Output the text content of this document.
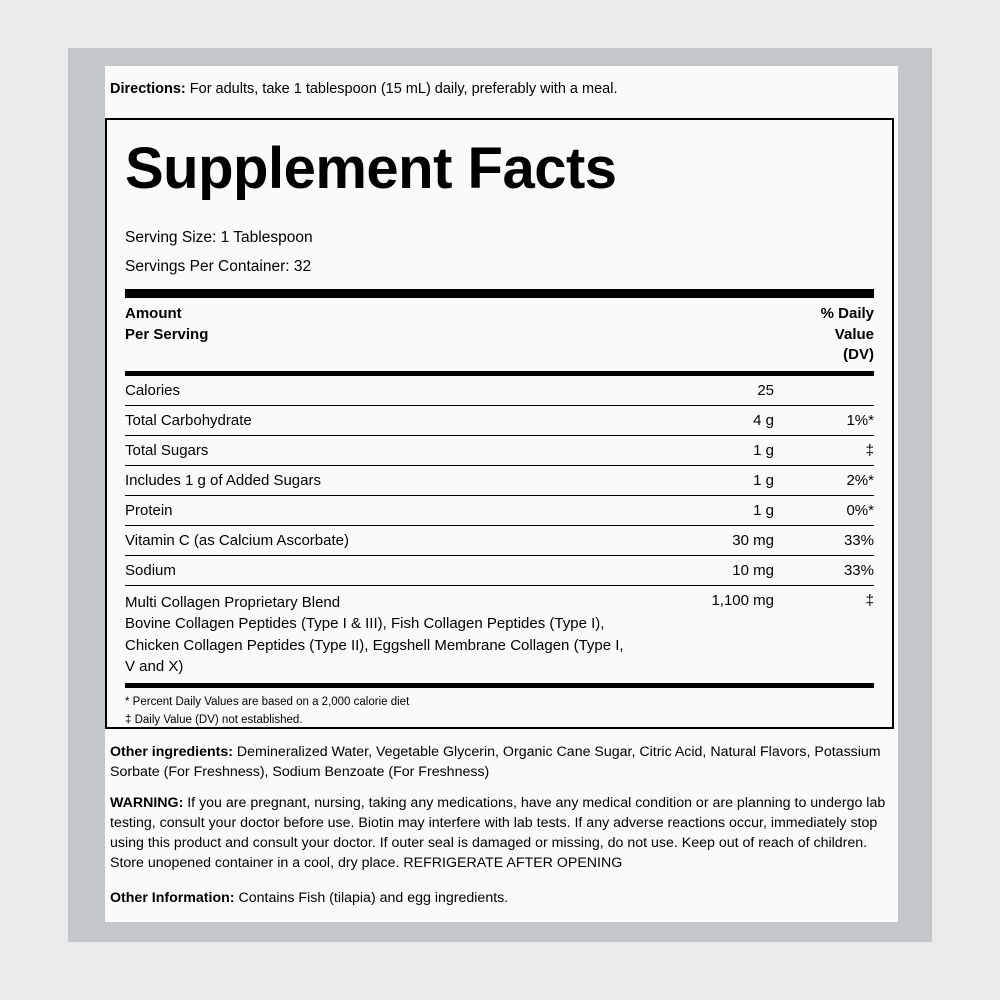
Directions: For adults, take 1 tablespoon (15 mL) daily, preferably with a meal.
Supplement Facts
Serving Size: 1 Tablespoon
Servings Per Container: 32
Amount
Per Serving

% Daily
Value
(DV)
Calories	25	
Total Carbohydrate	4 g	1%*
Total Sugars	1 g	‡
Includes 1 g of Added Sugars	1 g	2%*
Protein	1 g	0%*
Vitamin C (as Calcium Ascorbate)	30 mg	33%
Sodium	10 mg	33%

Multi Collagen Proprietary Blend
Bovine Collagen Peptides (Type I & III), Fish Collagen Peptides (Type I), Chicken Collagen Peptides (Type II), Eggshell Membrane Collagen (Type I, V and X)	1,100 mg	‡
* Percent Daily Values are based on a 2,000 calorie diet
‡ Daily Value (DV) not established.
Other ingredients: Demineralized Water, Vegetable Glycerin, Organic Cane Sugar, Citric Acid, Natural Flavors, Potassium Sorbate (For Freshness), Sodium Benzoate (For Freshness)
WARNING: If you are pregnant, nursing, taking any medications, have any medical condition or are planning to undergo lab testing, consult your doctor before use. Biotin may interfere with lab tests. If any adverse reactions occur, immediately stop using this product and consult your doctor. If outer seal is damaged or missing, do not use. Keep out of reach of children. Store unopened container in a cool, dry place. REFRIGERATE AFTER OPENING
Other Information: Contains Fish (tilapia) and egg ingredients.
